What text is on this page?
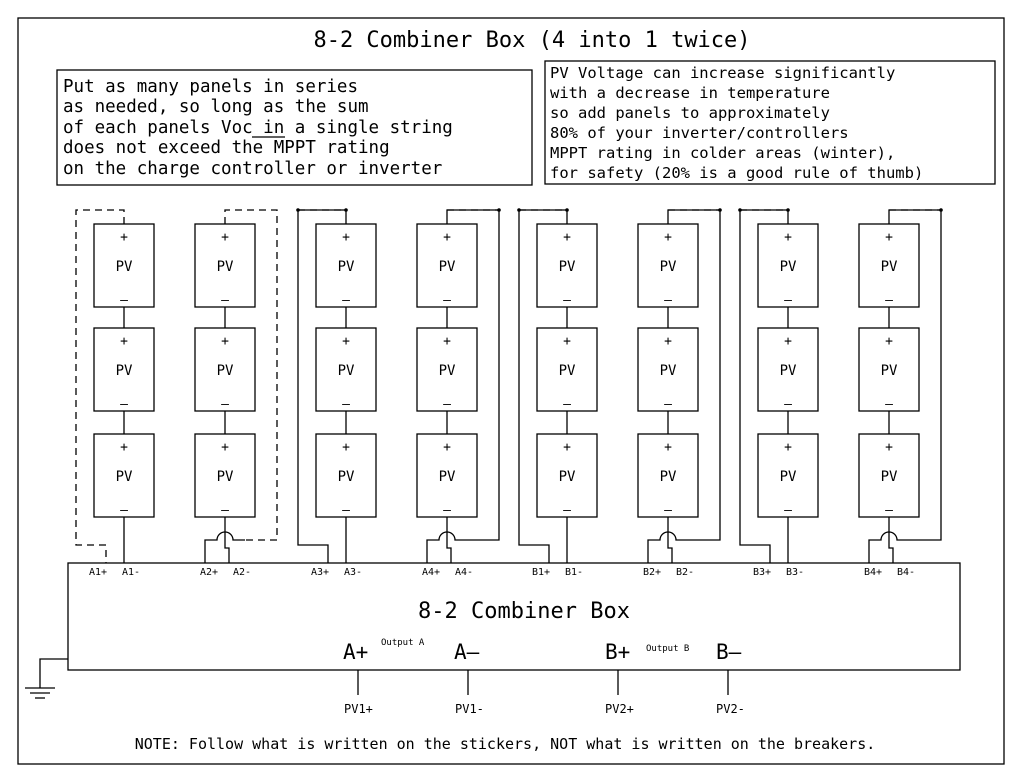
8-2 Combiner Box (4 into 1 twice)
Put as many panels in series
as needed, so long as the sum
of each panels Voc in a single string
does not exceed the MPPT rating
on the charge controller or inverter
PV Voltage can increase significantly
with a decrease in temperature
so add panels to approximately
80% of your inverter/controllers
MPPT rating in colder areas (winter),
for safety (20% is a good rule of thumb)
8-2 Combiner Box
A+ Output A A–
PV1+	PV1-
B+ Output B B–
PV2+	PV2-
NOTE: Follow what is written on the stickers, NOT what is written on the breakers.
+
PV
–
+
PV
–
+
PV
–
A1+ A1-
+
PV
–
+
PV
–
+
PV
–
A2+ A2-
+
PV
–
+
PV
–
+
PV
–
A3+ A3-
+
PV
–
+
PV
–
+
PV
–
A4+ A4-
+
PV
–
+
PV
–
+
PV
–
B1+ B1-
+
PV
–
+
PV
–
+
PV
–
B2+ B2-
+
PV
–
+
PV
–
+
PV
–
B3+ B3-
+
PV
–
+
PV
–
+
PV
–
B4+ B4-
